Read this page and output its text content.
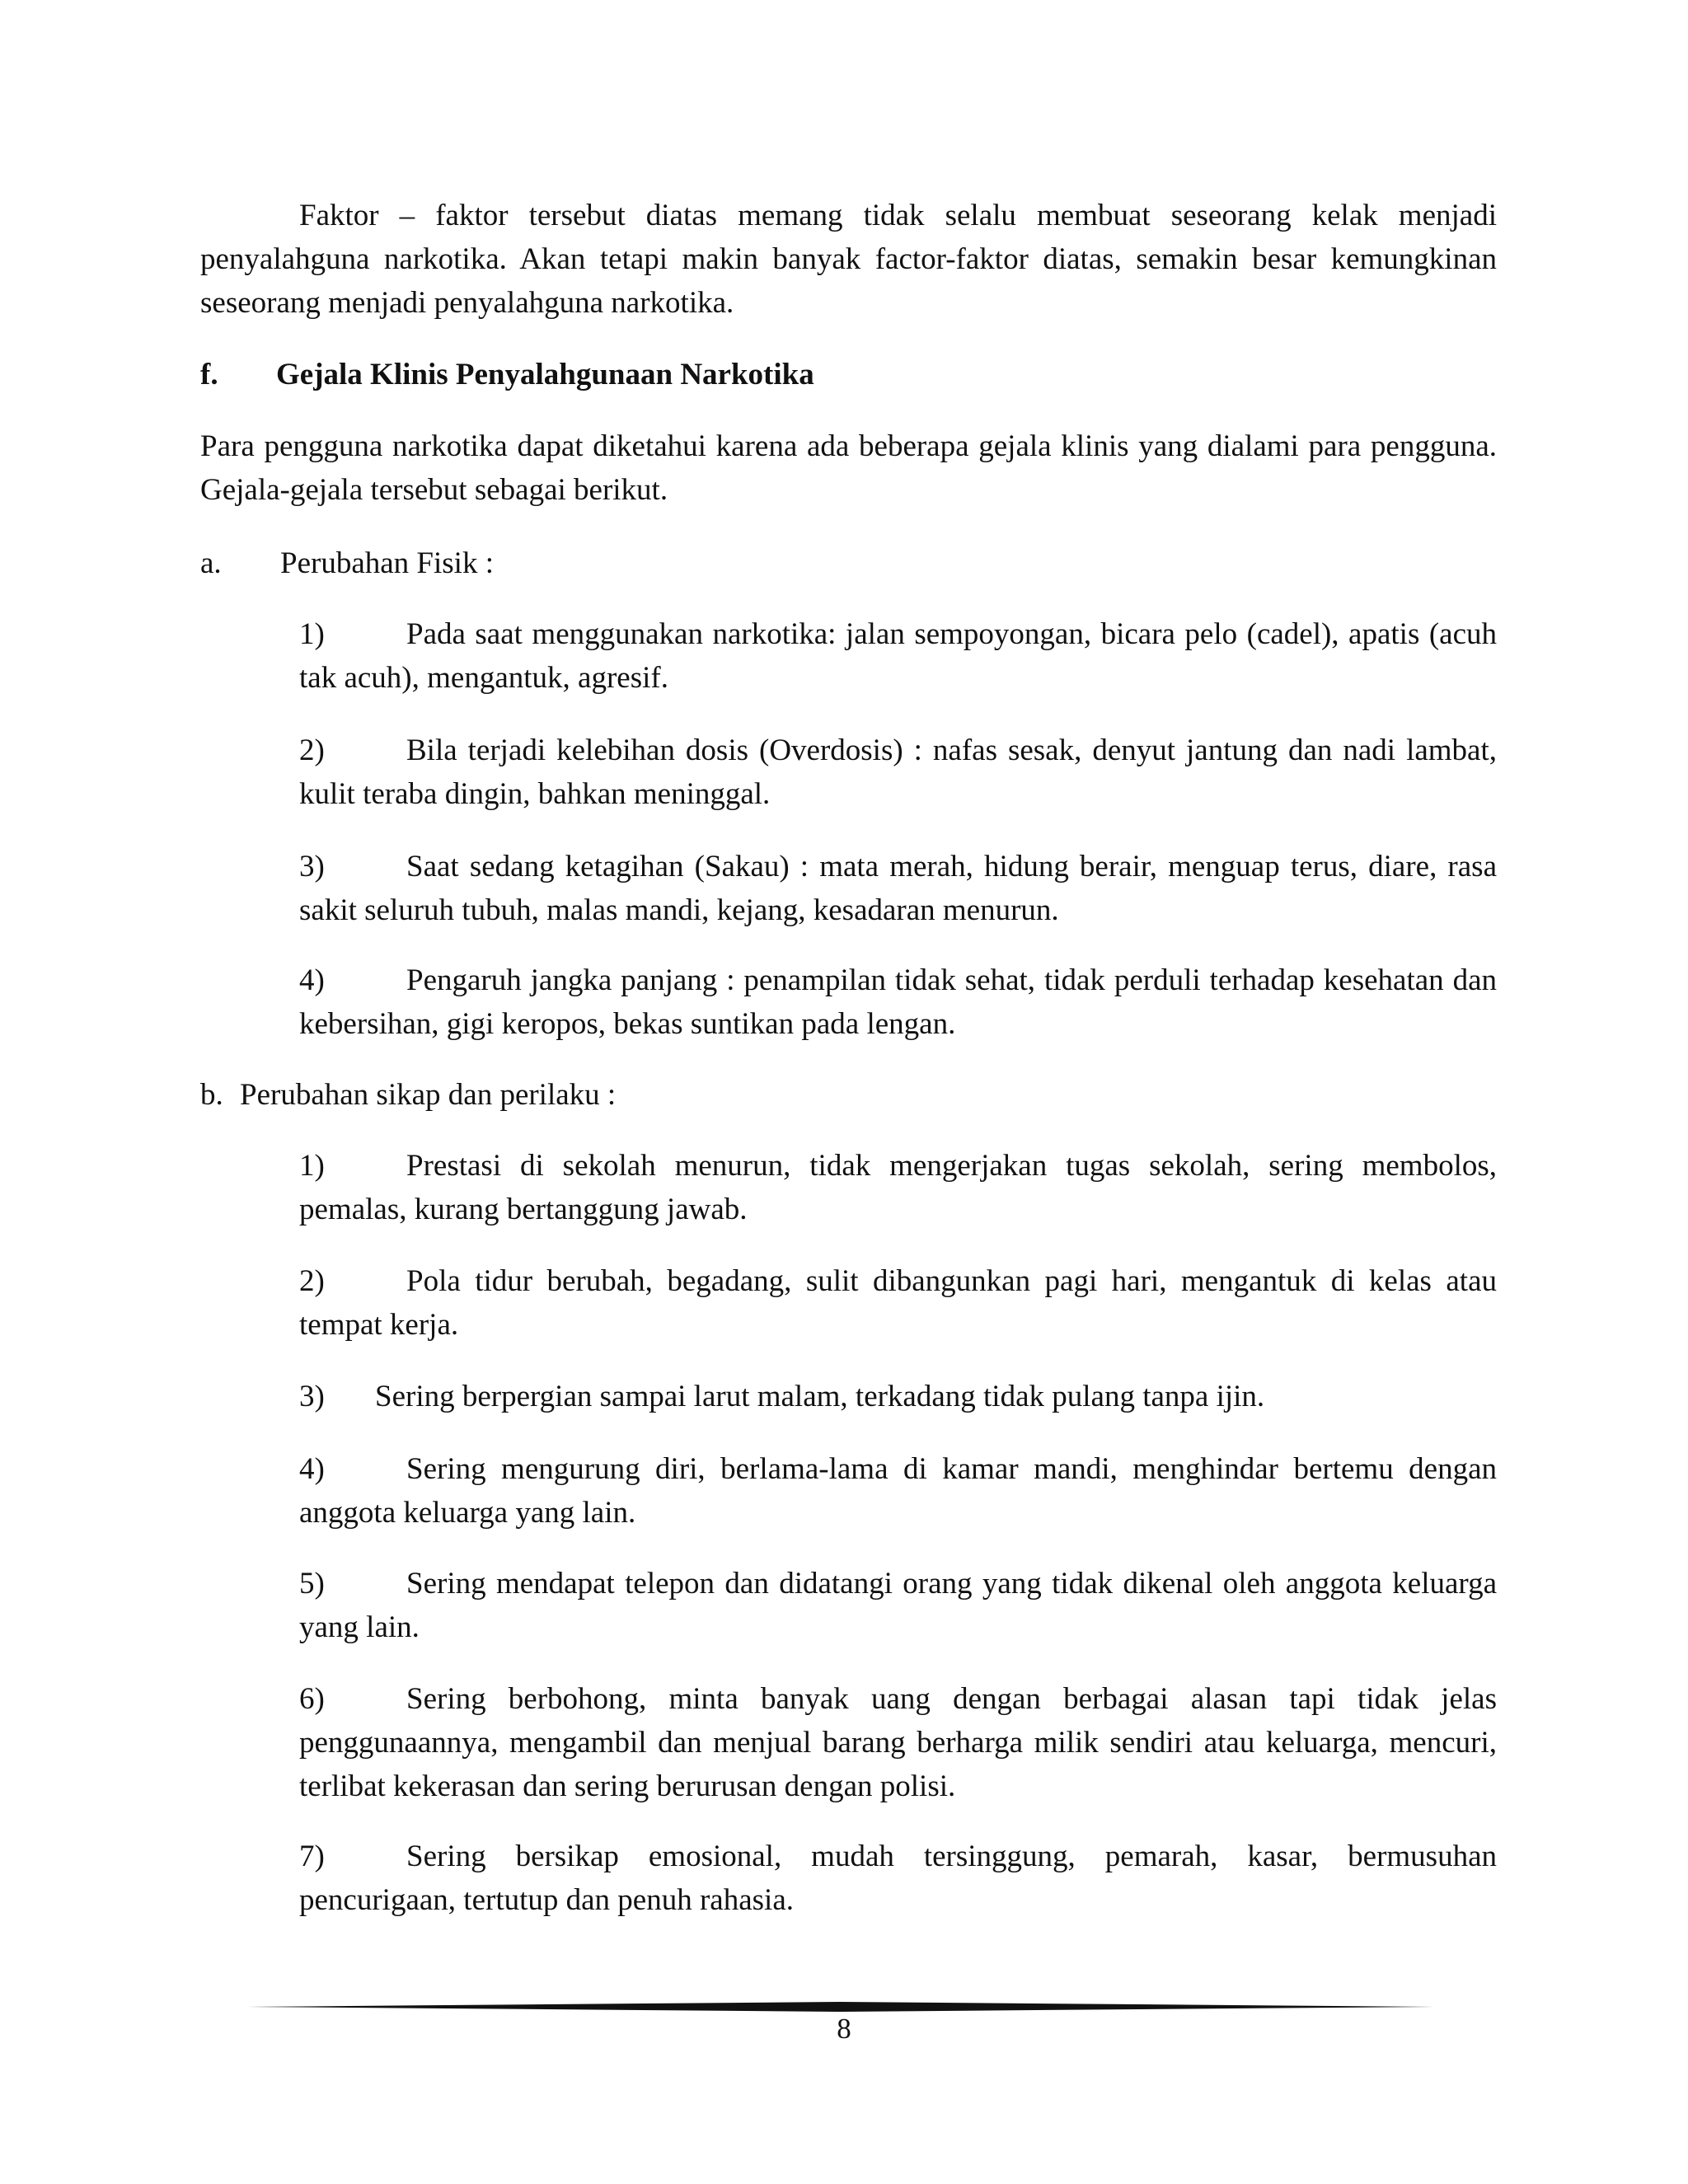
Faktor – faktor tersebut diatas memang tidak selalu membuat seseorang kelak menjadi penyalahguna narkotika. Akan tetapi makin banyak factor-faktor diatas, semakin besar kemungkinan seseorang menjadi penyalahguna narkotika.

f. Gejala Klinis Penyalahgunaan Narkotika

Para pengguna narkotika dapat diketahui karena ada beberapa gejala klinis yang dialami para pengguna. Gejala-gejala tersebut sebagai berikut.

a. Perubahan Fisik :

1)	Pada saat menggunakan narkotika: jalan sempoyongan, bicara pelo (cadel), apatis (acuh tak acuh), mengantuk, agresif.

2)	Bila terjadi kelebihan dosis (Overdosis) : nafas sesak, denyut jantung dan nadi lambat, kulit teraba dingin, bahkan meninggal.

3)	Saat sedang ketagihan (Sakau) : mata merah, hidung berair, menguap terus, diare, rasa sakit seluruh tubuh, malas mandi, kejang, kesadaran menurun.

4)	Pengaruh jangka panjang : penampilan tidak sehat, tidak perduli terhadap kesehatan dan kebersihan, gigi keropos, bekas suntikan pada lengan.

b. Perubahan sikap dan perilaku :

1)	Prestasi di sekolah menurun, tidak mengerjakan tugas sekolah, sering membolos, pemalas, kurang bertanggung jawab.

2)	Pola tidur berubah, begadang, sulit dibangunkan pagi hari, mengantuk di kelas atau tempat kerja.

3) Sering berpergian sampai larut malam, terkadang tidak pulang tanpa ijin.

4)	Sering mengurung diri, berlama-lama di kamar mandi, menghindar bertemu dengan anggota keluarga yang lain.

5)	Sering mendapat telepon dan didatangi orang yang tidak dikenal oleh anggota keluarga yang lain.

6)	Sering berbohong, minta banyak uang dengan berbagai alasan tapi tidak jelas penggunaannya, mengambil dan menjual barang berharga milik sendiri atau keluarga, mencuri, terlibat kekerasan dan sering berurusan dengan polisi.

7)	Sering bersikap emosional, mudah tersinggung, pemarah, kasar, bermusuhan pencurigaan, tertutup dan penuh rahasia.

8
